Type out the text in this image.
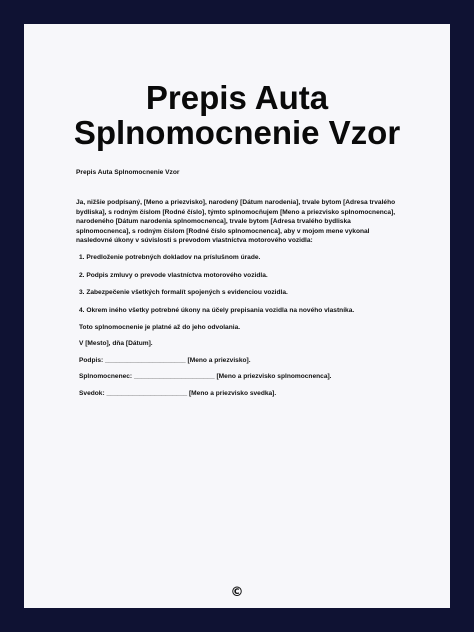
Prepis Auta Splnomocnenie Vzor

Prepis Auta Splnomocnenie Vzor

Ja, nižšie podpísaný, [Meno a priezvisko], narodený [Dátum narodenia], trvale bytom [Adresa trvalého bydliska], s rodným číslom [Rodné číslo], týmto splnomocňujem [Meno a priezvisko splnomocnenca], narodeného [Dátum narodenia splnomocnenca], trvale bytom [Adresa trvalého bydliska splnomocnenca], s rodným číslom [Rodné číslo splnomocnenca], aby v mojom mene vykonal nasledovné úkony v súvislosti s prevodom vlastníctva motorového vozidla:

1. Predloženie potrebných dokladov na príslušnom úrade.

2. Podpis zmluvy o prevode vlastníctva motorového vozidla.

3. Zabezpečenie všetkých formalít spojených s evidenciou vozidla.

4. Okrem iného všetky potrebné úkony na účely prepisania vozidla na nového vlastníka.

Toto splnomocnenie je platné až do jeho odvolania.

V [Mesto], dňa [Dátum].

Podpis: ______________________ [Meno a priezvisko].

Splnomocnenec: ______________________ [Meno a priezvisko splnomocnenca].

Svedok: ______________________ [Meno a priezvisko svedka].

©
